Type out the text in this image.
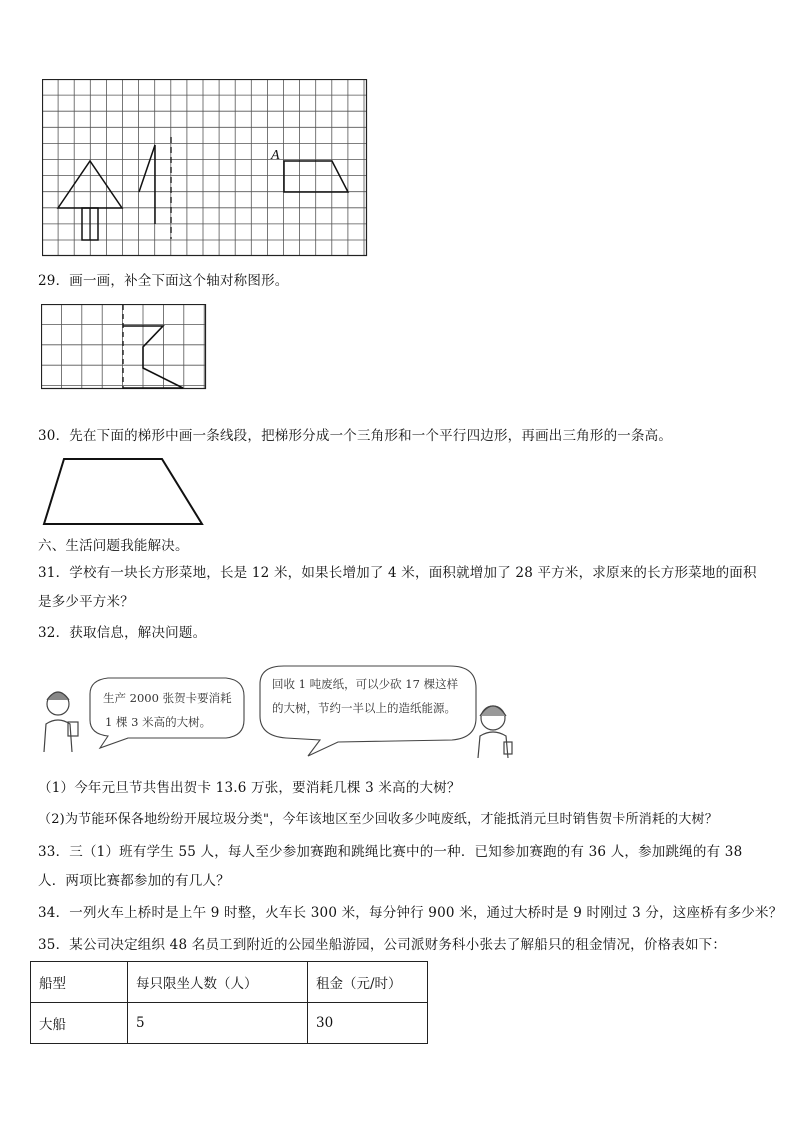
A
29．画一画，补全下面这个轴对称图形。
30．先在下面的梯形中画一条线段，把梯形分成一个三角形和一个平行四边形，再画出三角形的一条高。
六、生活问题我能解决。
31．学校有一块长方形菜地，长是 12 米，如果长增加了 4 米，面积就增加了 28 平方米，求原来的长方形菜地的面积
是多少平方米？
32．获取信息，解决问题。
生产 2000 张贺卡要消耗
1 棵 3 米高的大树。
回收 1 吨废纸，可以少砍 17 棵这样
的大树，节约一半以上的造纸能源。
（1）今年元旦节共售出贺卡 13.6 万张，要消耗几棵 3 米高的大树？
（2)为节能环保各地纷纷开展垃圾分类"，今年该地区至少回收多少吨废纸，才能抵消元旦时销售贺卡所消耗的大树？
33．三（1）班有学生 55 人，每人至少参加赛跑和跳绳比赛中的一种．已知参加赛跑的有 36 人，参加跳绳的有 38
人．两项比赛都参加的有几人？
34．一列火车上桥时是上午 9 时整，火车长 300 米，每分钟行 900 米，通过大桥时是 9 时刚过 3 分，这座桥有多少米？
35．某公司决定组织 48 名员工到附近的公园坐船游园，公司派财务科小张去了解船只的租金情况，价格表如下：
船型	每只限坐人数（人）	租金（元/时）
大船	5	30
